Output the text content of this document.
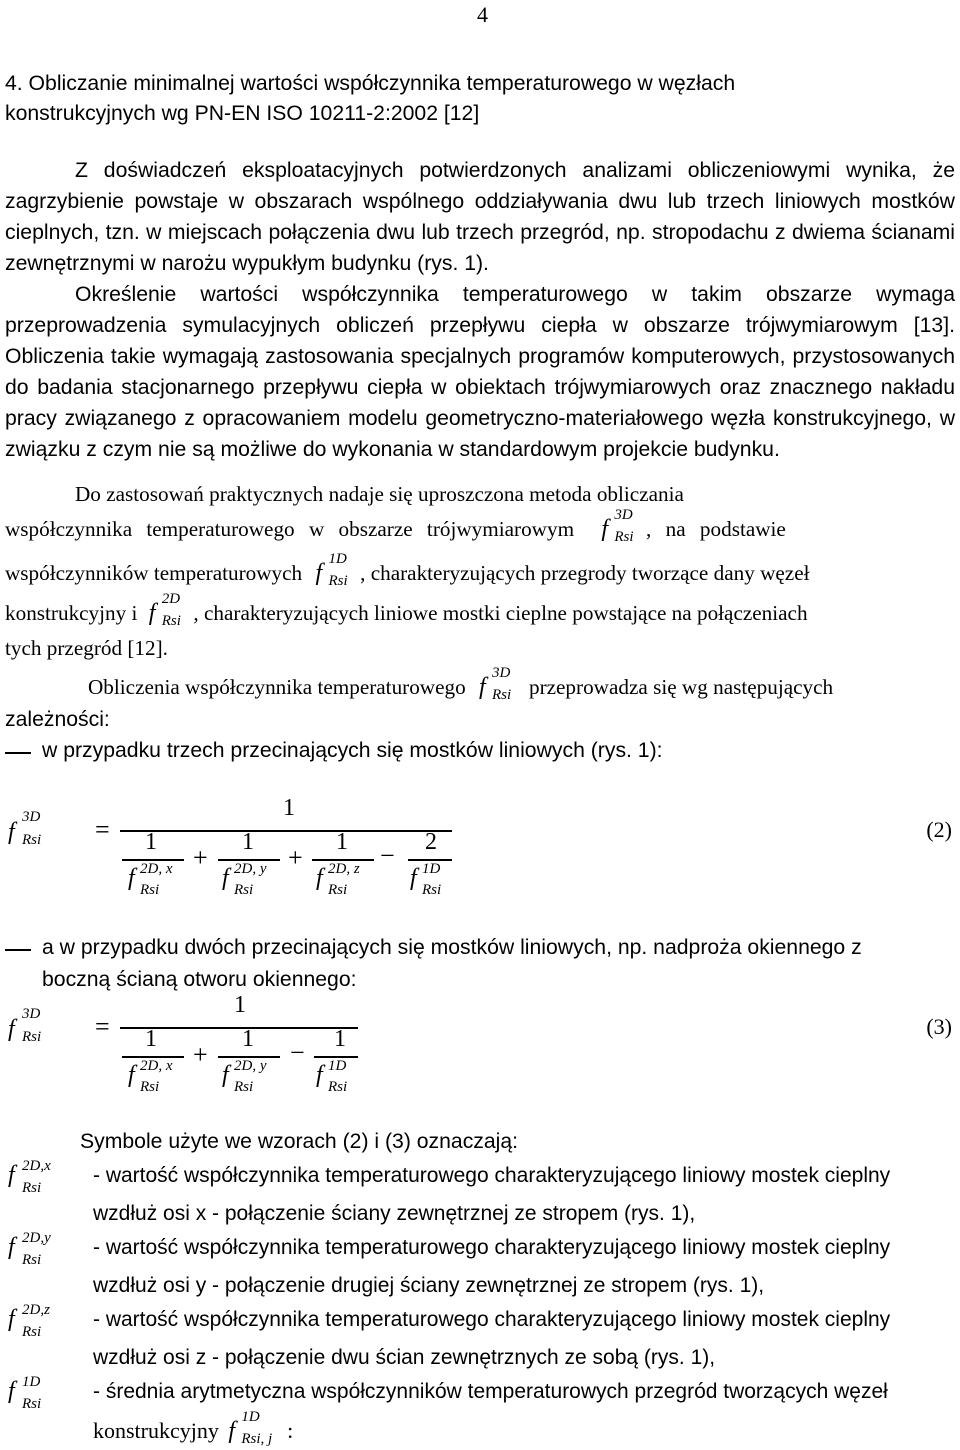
4
4. Obliczanie minimalnej wartości współczynnika temperaturowego w węzłach
konstrukcyjnych wg PN-EN ISO 10211-2:2002 [12]
Z doświadczeń eksploatacyjnych potwierdzonych analizami obliczeniowymi wynika, że zagrzybienie powstaje w obszarach wspólnego oddziaływania dwu lub trzech liniowych mostków cieplnych, tzn. w miejscach połączenia dwu lub trzech przegród, np. stropodachu z dwiema ścianami zewnętrznymi w narożu wypukłym budynku (rys. 1).
Określenie wartości współczynnika temperaturowego w takim obszarze wymaga przeprowadzenia symulacyjnych obliczeń przepływu ciepła w obszarze trójwymiarowym [13]. Obliczenia takie wymagają zastosowania specjalnych programów komputerowych, przystosowanych do badania stacjonarnego przepływu ciepła w obiektach trójwymiarowych oraz znacznego nakładu pracy związanego z opracowaniem modelu geometryczno-materiałowego węzła konstrukcyjnego, w związku z czym nie są możliwe do wykonania w standardowym projekcie budynku.
Do zastosowań praktycznych nadaje się uproszczona metoda obliczania
współczynnika temperaturowego w obszarze trójwymiarowym f
3D
Rsi , na podstawie
współczynników temperaturowych f
1D
Rsi , charakteryzujących przegrody tworzące dany węzeł
konstrukcyjny i f
2D
Rsi , charakteryzujących liniowe mostki cieplne powstające na połączeniach
tych przegród [12].
Obliczenia współczynnika temperaturowego f
3D
Rsi przeprowadza się wg następujących
zależności:
w przypadku trzech przecinających się mostków liniowych (rys. 1):
f
3D
Rsi =
1
1
f 2D, x
Rsi
+
1
f 2D, y
Rsi
+
1
f 2D, z
Rsi
− 2
f 1D
Rsi
(2)
a w przypadku dwóch przecinających się mostków liniowych, np. nadproża okiennego z
boczną ścianą otworu okiennego:
f
3D
Rsi =
1
1
f 2D, x
Rsi
+
1
f 2D, y
Rsi
− 1
f 1D
Rsi
(3)
Symbole użyte we wzorach (2) i (3) oznaczają:
f 2D,x
Rsi
- wartość współczynnika temperaturowego charakteryzującego liniowy mostek cieplny
wzdłuż osi x - połączenie ściany zewnętrznej ze stropem (rys. 1),
f 2D,y
Rsi
- wartość współczynnika temperaturowego charakteryzującego liniowy mostek cieplny
wzdłuż osi y - połączenie drugiej ściany zewnętrznej ze stropem (rys. 1),
f 2D,z
Rsi
- wartość współczynnika temperaturowego charakteryzującego liniowy mostek cieplny
wzdłuż osi z - połączenie dwu ścian zewnętrznych ze sobą (rys. 1),
f 1D
Rsi
- średnia arytmetyczna współczynników temperaturowych przegród tworzących węzeł
konstrukcyjny f
1D
Rsi, j :
